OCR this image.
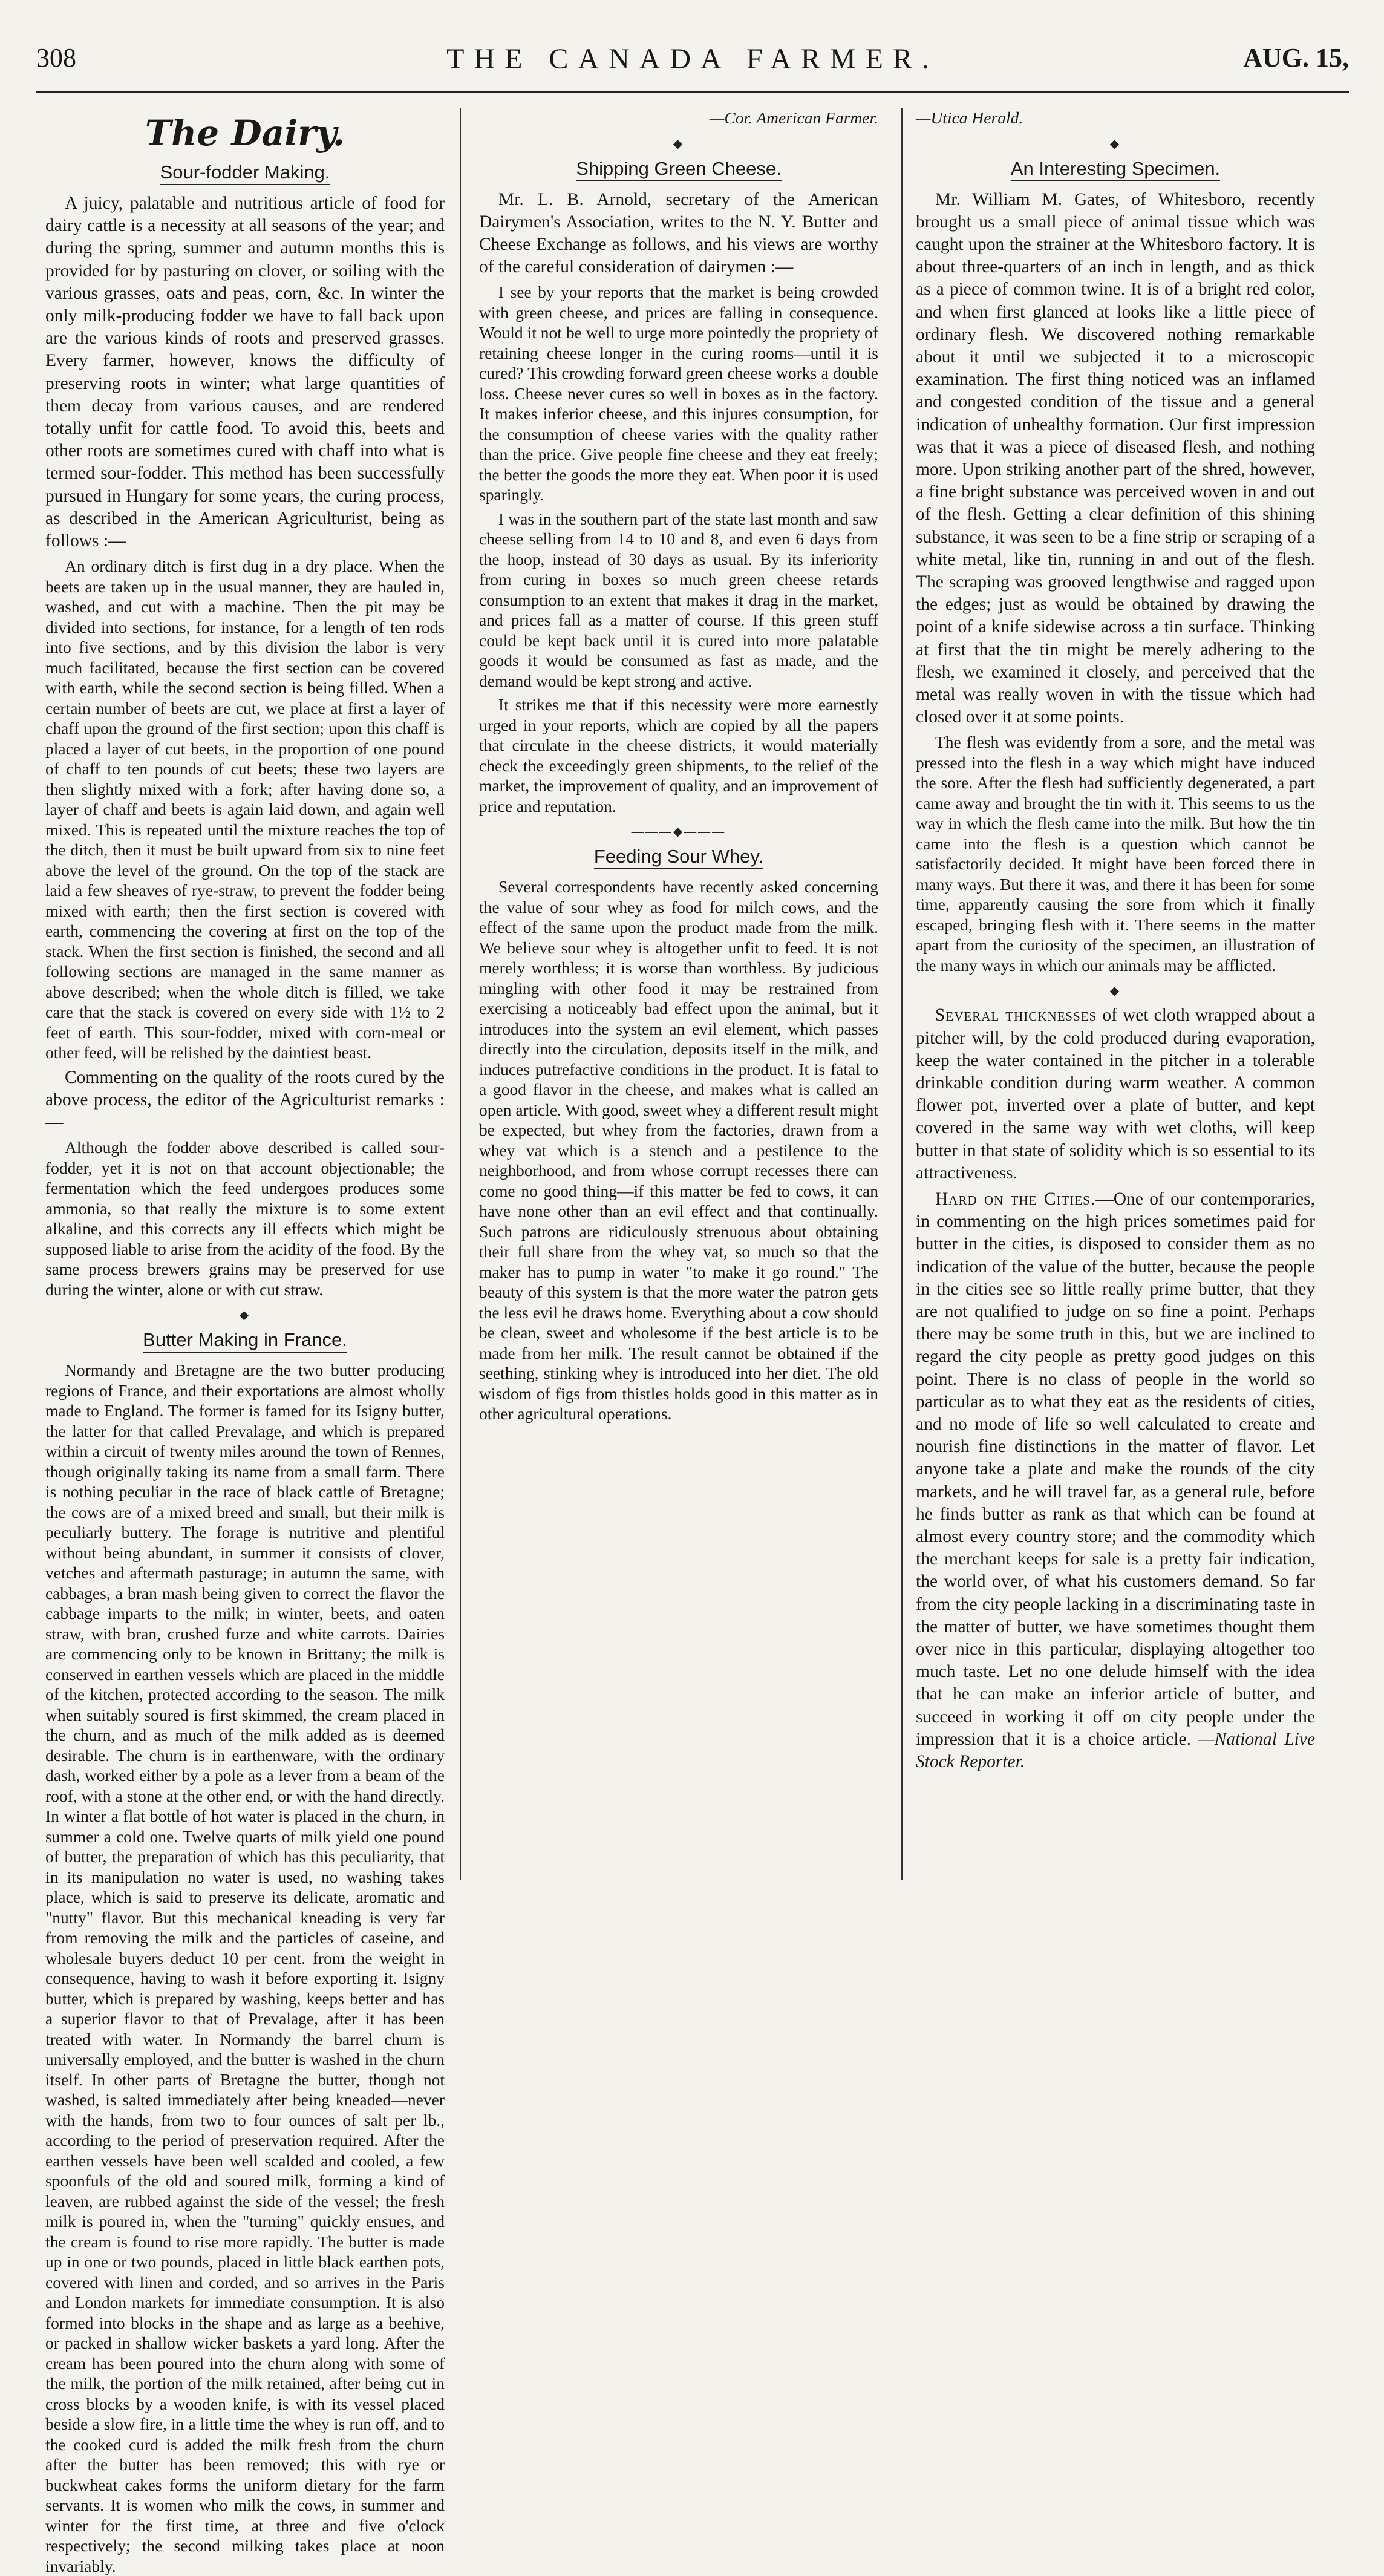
308	THE CANADA FARMER.	AUG. 15,
The Dairy.
Sour-fodder Making.

A juicy, palatable and nutritious article of food for dairy cattle is a necessity at all seasons of the year; and during the spring, summer and autumn months this is provided for by pasturing on clover, or soiling with the various grasses, oats and peas, corn, &c. In winter the only milk-producing fodder we have to fall back upon are the various kinds of roots and preserved grasses. Every farmer, however, knows the difficulty of preserving roots in winter; what large quantities of them decay from various causes, and are rendered totally unfit for cattle food. To avoid this, beets and other roots are sometimes cured with chaff into what is termed sour-fodder. This method has been successfully pursued in Hungary for some years, the curing process, as described in the American Agriculturist, being as follows :—

An ordinary ditch is first dug in a dry place. When the beets are taken up in the usual manner, they are hauled in, washed, and cut with a machine. Then the pit may be divided into sections, for instance, for a length of ten rods into five sections, and by this division the labor is very much facilitated, because the first section can be covered with earth, while the second section is being filled. When a certain number of beets are cut, we place at first a layer of chaff upon the ground of the first section; upon this chaff is placed a layer of cut beets, in the proportion of one pound of chaff to ten pounds of cut beets; these two layers are then slightly mixed with a fork; after having done so, a layer of chaff and beets is again laid down, and again well mixed. This is repeated until the mixture reaches the top of the ditch, then it must be built upward from six to nine feet above the level of the ground. On the top of the stack are laid a few sheaves of rye-straw, to prevent the fodder being mixed with earth; then the first section is covered with earth, commencing the covering at first on the top of the stack. When the first section is finished, the second and all following sections are managed in the same manner as above described; when the whole ditch is filled, we take care that the stack is covered on every side with 1½ to 2 feet of earth. This sour-fodder, mixed with corn-meal or other feed, will be relished by the daintiest beast.

Commenting on the quality of the roots cured by the above process, the editor of the Agriculturist remarks :—

Although the fodder above described is called sour-fodder, yet it is not on that account objectionable; the fermentation which the feed undergoes produces some ammonia, so that really the mixture is to some extent alkaline, and this corrects any ill effects which might be supposed liable to arise from the acidity of the food. By the same process brewers grains may be preserved for use during the winter, alone or with cut straw.

———◆———
Butter Making in France.

Normandy and Bretagne are the two butter producing regions of France, and their exportations are almost wholly made to England. The former is famed for its Isigny butter, the latter for that called Prevalage, and which is prepared within a circuit of twenty miles around the town of Rennes, though originally taking its name from a small farm. There is nothing peculiar in the race of black cattle of Bretagne; the cows are of a mixed breed and small, but their milk is peculiarly buttery. The forage is nutritive and plentiful without being abundant, in summer it consists of clover, vetches and aftermath pasturage; in autumn the same, with cabbages, a bran mash being given to correct the flavor the cabbage imparts to the milk; in winter, beets, and oaten straw, with bran, crushed furze and white carrots. Dairies are commencing only to be known in Brittany; the milk is conserved in earthen vessels which are placed in the middle of the kitchen, protected according to the season. The milk when suitably soured is first skimmed, the cream placed in the churn, and as much of the milk added as is deemed desirable. The churn is in earthenware, with the ordinary dash, worked either by a pole as a lever from a beam of the roof, with a stone at the other end, or with the hand directly. In winter a flat bottle of hot water is placed in the churn, in summer a cold one. Twelve quarts of milk yield one pound of butter, the preparation of which has this peculiarity, that in its manipulation no water is used, no washing takes place, which is said to preserve its delicate, aromatic and "nutty" flavor. But this mechanical kneading is very far from removing the milk and the particles of caseine, and wholesale buyers deduct 10 per cent. from the weight in consequence, having to wash it before exporting it. Isigny butter, which is prepared by washing, keeps better and has a superior flavor to that of Prevalage, after it has been treated with water. In Normandy the barrel churn is universally employed, and the butter is washed in the churn itself. In other parts of Bretagne the butter, though not washed, is salted immediately after being kneaded—never with the hands, from two to four ounces of salt per lb., according to the period of preservation required. After the earthen vessels have been well scalded and cooled, a few spoonfuls of the old and soured milk, forming a kind of leaven, are rubbed against the side of the vessel; the fresh milk is poured in, when the "turning" quickly ensues, and the cream is found to rise more rapidly. The butter is made up in one or two pounds, placed in little black earthen pots, covered with linen and corded, and so arrives in the Paris and London markets for immediate consumption. It is also formed into blocks in the shape and as large as a beehive, or packed in shallow wicker baskets a yard long. After the cream has been poured into the churn along with some of the milk, the portion of the milk retained, after being cut in cross blocks by a wooden knife, is with its vessel placed beside a slow fire, in a little time the whey is run off, and to the cooked curd is added the milk fresh from the churn after the butter has been removed; this with rye or buckwheat cakes forms the uniform dietary for the farm servants. It is women who milk the cows, in summer and winter for the first time, at three and five o'clock respectively; the second milking takes place at noon invariably.

—Cor. American Farmer.

———◆———
Shipping Green Cheese.

Mr. L. B. Arnold, secretary of the American Dairymen's Association, writes to the N. Y. Butter and Cheese Exchange as follows, and his views are worthy of the careful consideration of dairymen :—

I see by your reports that the market is being crowded with green cheese, and prices are falling in consequence. Would it not be well to urge more pointedly the propriety of retaining cheese longer in the curing rooms—until it is cured? This crowding forward green cheese works a double loss. Cheese never cures so well in boxes as in the factory. It makes inferior cheese, and this injures consumption, for the consumption of cheese varies with the quality rather than the price. Give people fine cheese and they eat freely; the better the goods the more they eat. When poor it is used sparingly.

I was in the southern part of the state last month and saw cheese selling from 14 to 10 and 8, and even 6 days from the hoop, instead of 30 days as usual. By its inferiority from curing in boxes so much green cheese retards consumption to an extent that makes it drag in the market, and prices fall as a matter of course. If this green stuff could be kept back until it is cured into more palatable goods it would be consumed as fast as made, and the demand would be kept strong and active.

It strikes me that if this necessity were more earnestly urged in your reports, which are copied by all the papers that circulate in the cheese districts, it would materially check the exceedingly green shipments, to the relief of the market, the improvement of quality, and an improvement of price and reputation.

———◆———
Feeding Sour Whey.

Several correspondents have recently asked concerning the value of sour whey as food for milch cows, and the effect of the same upon the product made from the milk. We believe sour whey is altogether unfit to feed. It is not merely worthless; it is worse than worthless. By judicious mingling with other food it may be restrained from exercising a noticeably bad effect upon the animal, but it introduces into the system an evil element, which passes directly into the circulation, deposits itself in the milk, and induces putrefactive conditions in the product. It is fatal to a good flavor in the cheese, and makes what is called an open article. With good, sweet whey a different result might be expected, but whey from the factories, drawn from a whey vat which is a stench and a pestilence to the neighborhood, and from whose corrupt recesses there can come no good thing—if this matter be fed to cows, it can have none other than an evil effect and that continually. Such patrons are ridiculously strenuous about obtaining their full share from the whey vat, so much so that the maker has to pump in water "to make it go round." The beauty of this system is that the more water the patron gets the less evil he draws home. Everything about a cow should be clean, sweet and wholesome if the best article is to be made from her milk. The result cannot be obtained if the seething, stinking whey is introduced into her diet. The old wisdom of figs from thistles holds good in this matter as in other agricultural operations.

—Utica Herald.

———◆———
An Interesting Specimen.

Mr. William M. Gates, of Whitesboro, recently brought us a small piece of animal tissue which was caught upon the strainer at the Whitesboro factory. It is about three-quarters of an inch in length, and as thick as a piece of common twine. It is of a bright red color, and when first glanced at looks like a little piece of ordinary flesh. We discovered nothing remarkable about it until we subjected it to a microscopic examination. The first thing noticed was an inflamed and congested condition of the tissue and a general indication of unhealthy formation. Our first impression was that it was a piece of diseased flesh, and nothing more. Upon striking another part of the shred, however, a fine bright substance was perceived woven in and out of the flesh. Getting a clear definition of this shining substance, it was seen to be a fine strip or scraping of a white metal, like tin, running in and out of the flesh. The scraping was grooved lengthwise and ragged upon the edges; just as would be obtained by drawing the point of a knife sidewise across a tin surface. Thinking at first that the tin might be merely adhering to the flesh, we examined it closely, and perceived that the metal was really woven in with the tissue which had closed over it at some points.

The flesh was evidently from a sore, and the metal was pressed into the flesh in a way which might have induced the sore. After the flesh had sufficiently degenerated, a part came away and brought the tin with it. This seems to us the way in which the flesh came into the milk. But how the tin came into the flesh is a question which cannot be satisfactorily decided. It might have been forced there in many ways. But there it was, and there it has been for some time, apparently causing the sore from which it finally escaped, bringing flesh with it. There seems in the matter apart from the curiosity of the specimen, an illustration of the many ways in which our animals may be afflicted.

———◆———

Several thicknesses of wet cloth wrapped about a pitcher will, by the cold produced during evaporation, keep the water contained in the pitcher in a tolerable drinkable condition during warm weather. A common flower pot, inverted over a plate of butter, and kept covered in the same way with wet cloths, will keep butter in that state of solidity which is so essential to its attractiveness.

Hard on the Cities.—One of our contemporaries, in commenting on the high prices sometimes paid for butter in the cities, is disposed to consider them as no indication of the value of the butter, because the people in the cities see so little really prime butter, that they are not qualified to judge on so fine a point. Perhaps there may be some truth in this, but we are inclined to regard the city people as pretty good judges on this point. There is no class of people in the world so particular as to what they eat as the residents of cities, and no mode of life so well calculated to create and nourish fine distinctions in the matter of flavor. Let anyone take a plate and make the rounds of the city markets, and he will travel far, as a general rule, before he finds butter as rank as that which can be found at almost every country store; and the commodity which the merchant keeps for sale is a pretty fair indication, the world over, of what his customers demand. So far from the city people lacking in a discriminating taste in the matter of butter, we have sometimes thought them over nice in this particular, displaying altogether too much taste. Let no one delude himself with the idea that he can make an inferior article of butter, and succeed in working it off on city people under the impression that it is a choice article. —National Live Stock Reporter.
